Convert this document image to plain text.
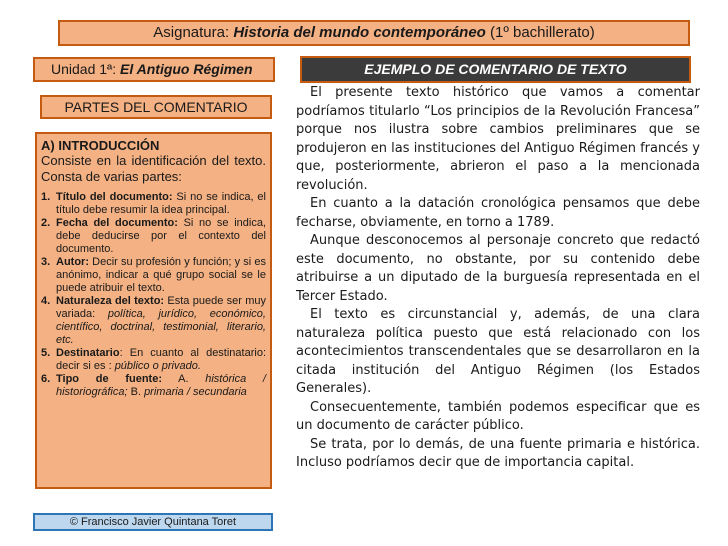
Asignatura: Historia del mundo contemporáneo (1º bachillerato)
Unidad 1ª: El Antiguo Régimen	EJEMPLO DE COMENTARIO DE TEXTO
PARTES DEL COMENTARIO
A) INTRODUCCIÓN
Consiste en la identificación del texto. Consta de varias partes:
1. Título del documento: Si no se indica, el título debe resumir la idea principal.
2. Fecha del documento: Si no se indica, debe deducirse por el contexto del documento.
3. Autor: Decir su profesión y función; y si es anónimo, indicar a qué grupo social se le puede atribuir el texto.
4. Naturaleza del texto: Esta puede ser muy variada: política, jurídico, económico, científico, doctrinal, testimonial, literario, etc.
5. Destinatario: En cuanto al destinatario: decir si es : público o privado.
6. Tipo de fuente: A. histórica / historiográfica; B. primaria / secundaria
© Francisco Javier Quintana Toret

El presente texto histórico que vamos a comentar podríamos titularlo “Los principios de la Revolución Francesa” porque nos ilustra sobre cambios preliminares que se produjeron en las instituciones del Antiguo Régimen francés y que, posteriormente, abrieron el paso a la mencionada revolución.

En cuanto a la datación cronológica pensamos que debe fecharse, obviamente, en torno a 1789.

Aunque desconocemos al personaje concreto que redactó este documento, no obstante, por su contenido debe atribuirse a un diputado de la burguesía representada en el Tercer Estado.

El texto es circunstancial y, además, de una clara naturaleza política puesto que está relacionado con los acontecimientos transcendentales que se desarrollaron en la citada institución del Antiguo Régimen (los Estados Generales).

Consecuentemente, también podemos especificar que es un documento de carácter público.

Se trata, por lo demás, de una fuente primaria e histórica. Incluso podríamos decir que de importancia capital.
